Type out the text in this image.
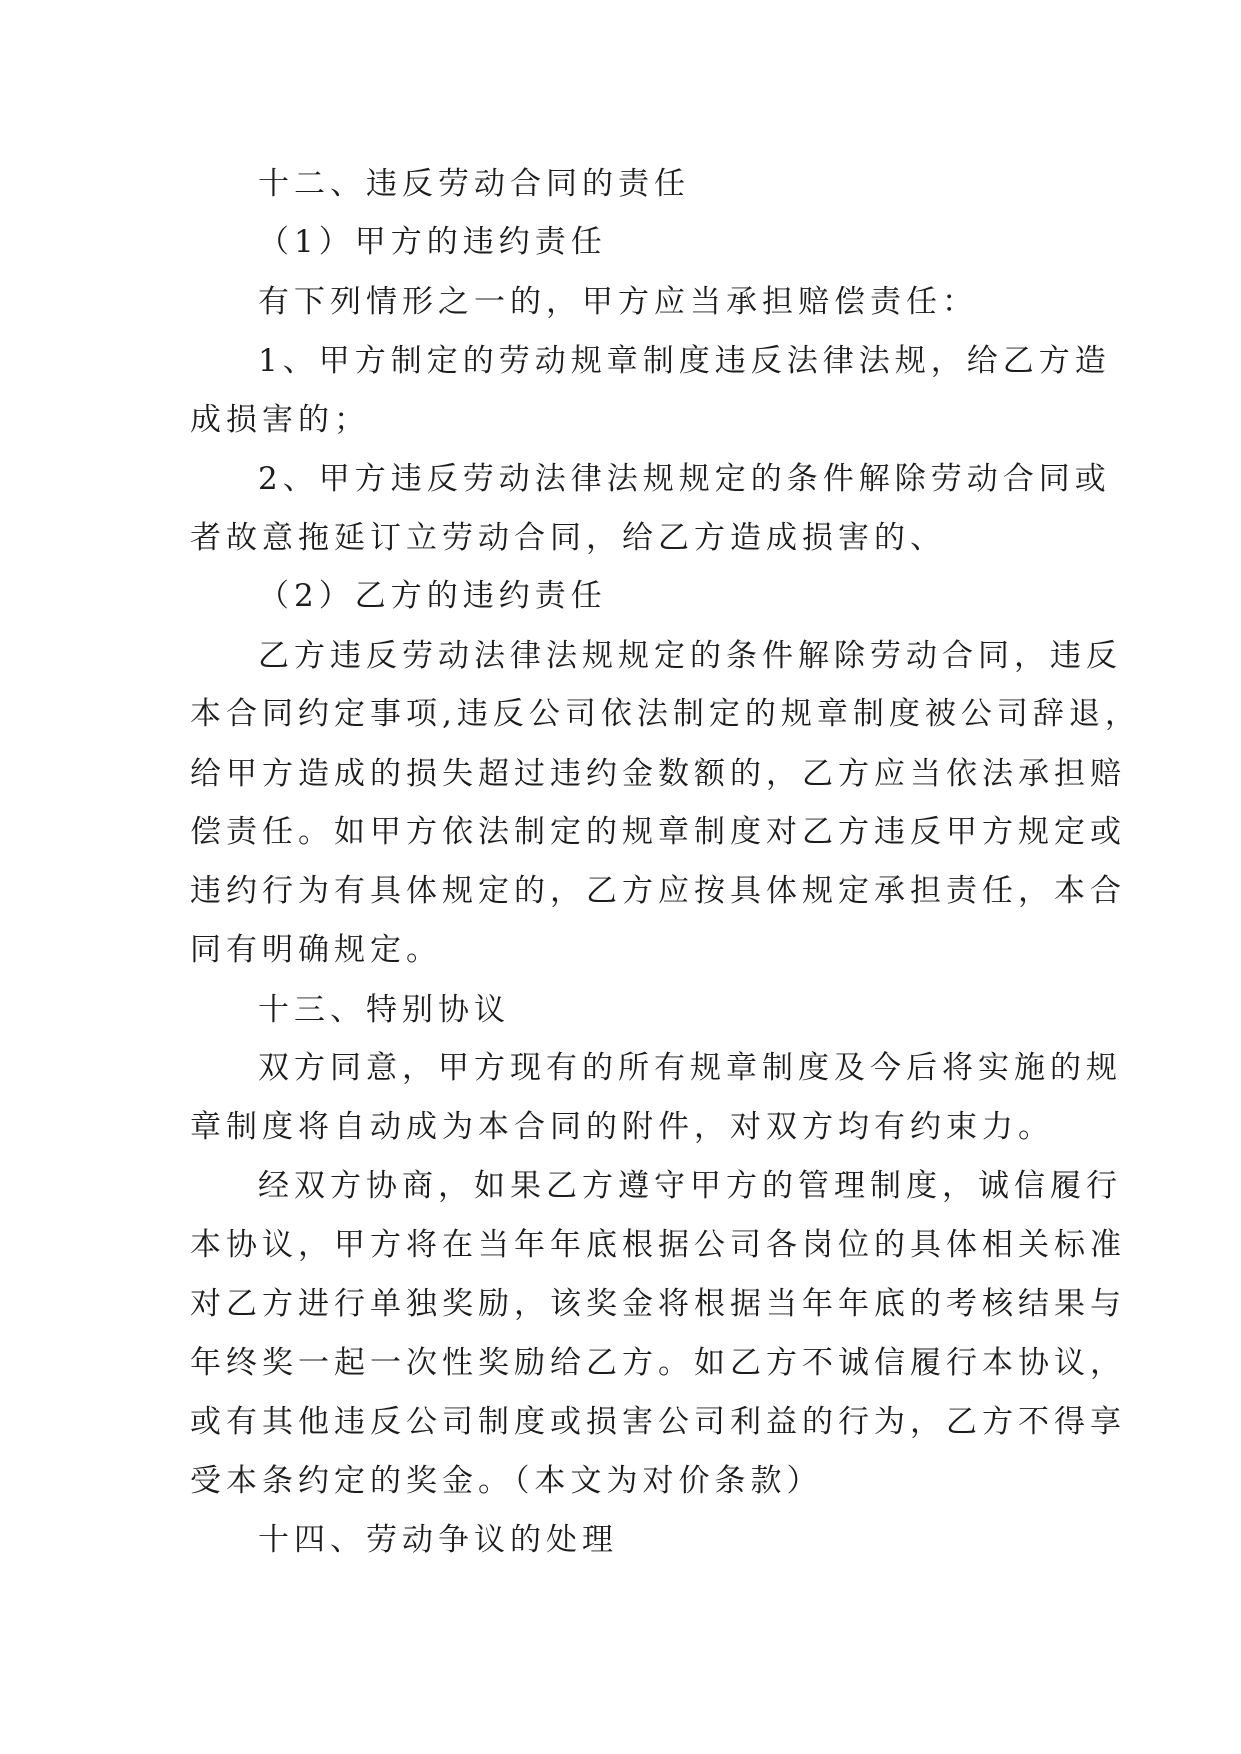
十二、违反劳动合同的责任
（1）甲方的违约责任
有下列情形之一的，甲方应当承担赔偿责任：
1、甲方制定的劳动规章制度违反法律法规，给乙方造
成损害的；
2、甲方违反劳动法律法规规定的条件解除劳动合同或
者故意拖延订立劳动合同，给乙方造成损害的、
（2）乙方的违约责任
乙方违反劳动法律法规规定的条件解除劳动合同，违反
本合同约定事项,违反公司依法制定的规章制度被公司辞退，
给甲方造成的损失超过违约金数额的，乙方应当依法承担赔
偿责任。如甲方依法制定的规章制度对乙方违反甲方规定或
违约行为有具体规定的，乙方应按具体规定承担责任，本合
同有明确规定。
十三、特别协议
双方同意，甲方现有的所有规章制度及今后将实施的规
章制度将自动成为本合同的附件，对双方均有约束力。
经双方协商，如果乙方遵守甲方的管理制度，诚信履行
本协议，甲方将在当年年底根据公司各岗位的具体相关标准
对乙方进行单独奖励，该奖金将根据当年年底的考核结果与
年终奖一起一次性奖励给乙方。如乙方不诚信履行本协议，
或有其他违反公司制度或损害公司利益的行为，乙方不得享
受本条约定的奖金。（本文为对价条款）
十四、劳动争议的处理
